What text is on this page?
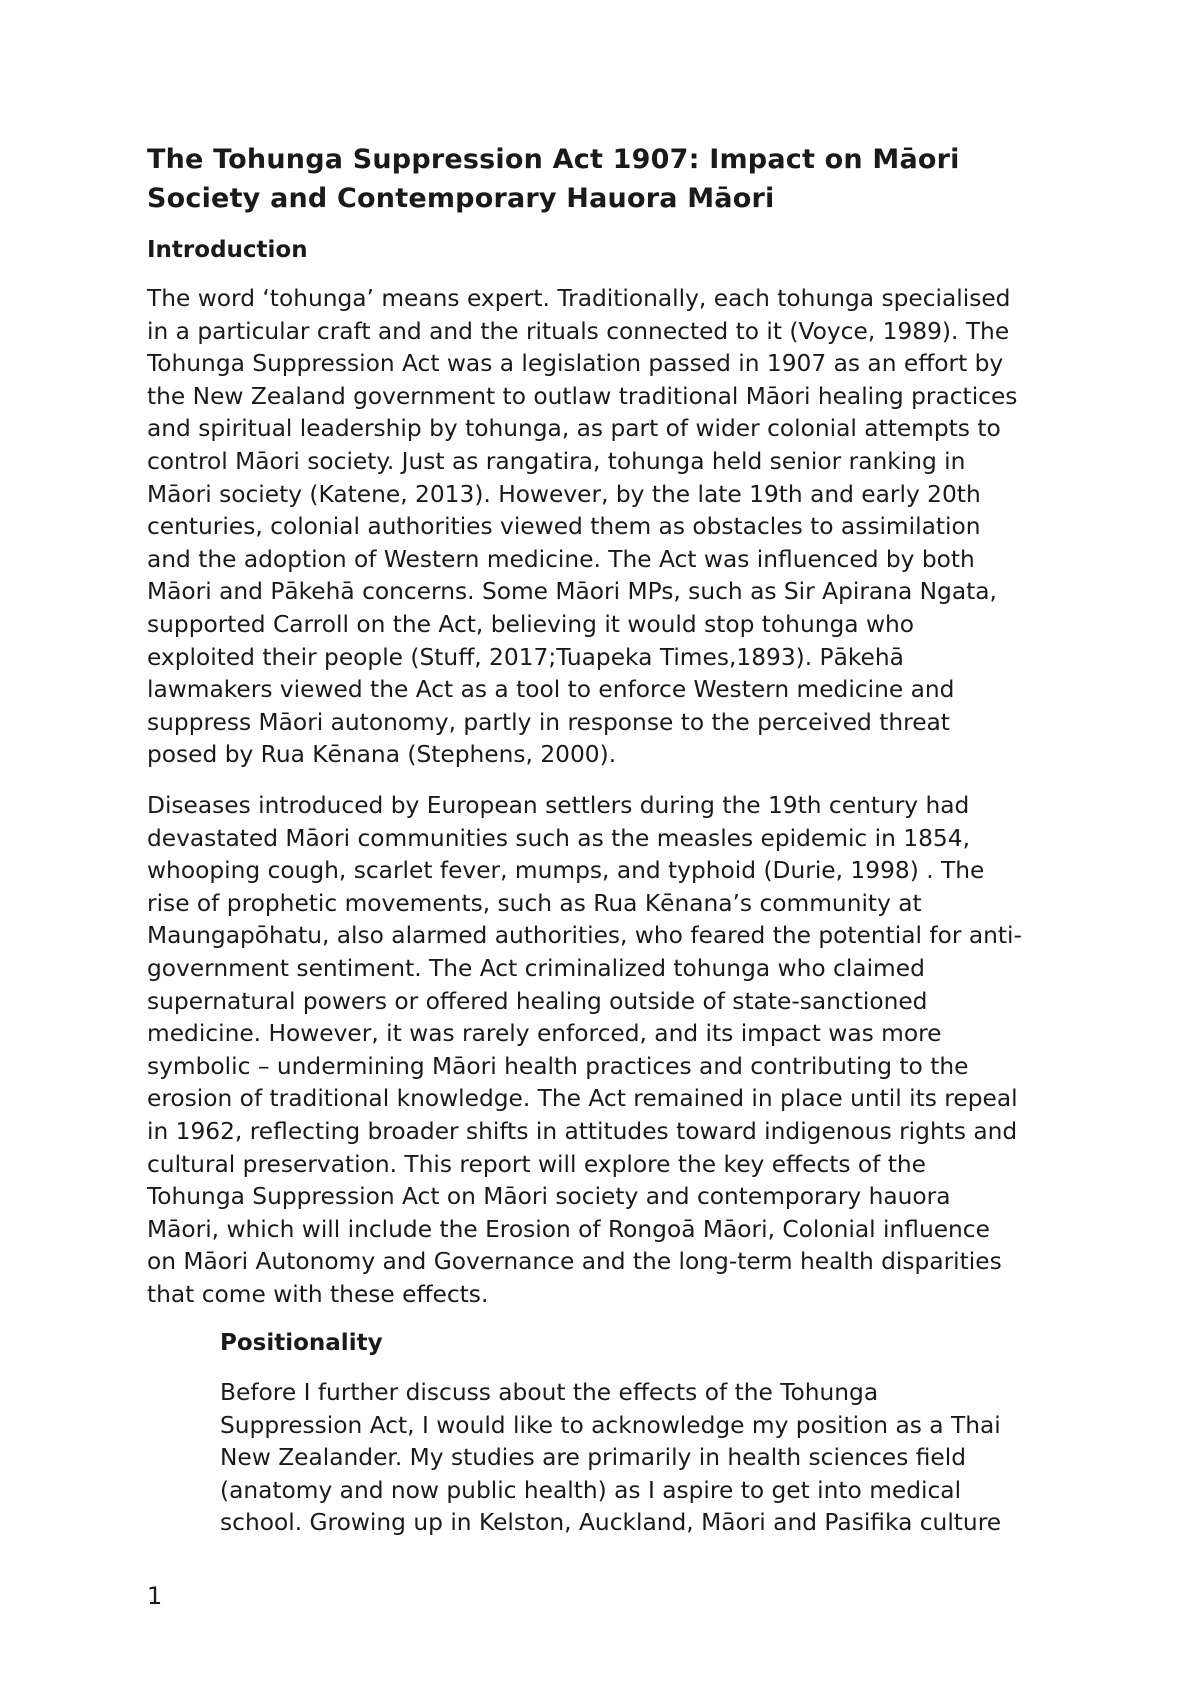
The Tohunga Suppression Act 1907: Impact on Māori
Society and Contemporary Hauora Māori
Introduction
The word ‘tohunga’ means expert. Traditionally, each tohunga specialised
in a particular craft and and the rituals connected to it (Voyce, 1989). The
Tohunga Suppression Act was a legislation passed in 1907 as an effort by
the New Zealand government to outlaw traditional Māori healing practices
and spiritual leadership by tohunga, as part of wider colonial attempts to
control Māori society. Just as rangatira, tohunga held senior ranking in
Māori society (Katene, 2013). However, by the late 19th and early 20th
centuries, colonial authorities viewed them as obstacles to assimilation
and the adoption of Western medicine. The Act was influenced by both
Māori and Pākehā concerns. Some Māori MPs, such as Sir Apirana Ngata,
supported Carroll on the Act, believing it would stop tohunga who
exploited their people (Stuff, 2017;Tuapeka Times,1893). Pākehā
lawmakers viewed the Act as a tool to enforce Western medicine and
suppress Māori autonomy, partly in response to the perceived threat
posed by Rua Kēnana (Stephens, 2000).
Diseases introduced by European settlers during the 19th century had
devastated Māori communities such as the measles epidemic in 1854,
whooping cough, scarlet fever, mumps, and typhoid (Durie, 1998) . The
rise of prophetic movements, such as Rua Kēnana’s community at
Maungapōhatu, also alarmed authorities, who feared the potential for anti-
government sentiment. The Act criminalized tohunga who claimed
supernatural powers or offered healing outside of state-sanctioned
medicine. However, it was rarely enforced, and its impact was more
symbolic – undermining Māori health practices and contributing to the
erosion of traditional knowledge. The Act remained in place until its repeal
in 1962, reflecting broader shifts in attitudes toward indigenous rights and
cultural preservation. This report will explore the key effects of the
Tohunga Suppression Act on Māori society and contemporary hauora
Māori, which will include the Erosion of Rongoā Māori, Colonial influence
on Māori Autonomy and Governance and the long-term health disparities
that come with these effects.
Positionality
Before I further discuss about the effects of the Tohunga
Suppression Act, I would like to acknowledge my position as a Thai
New Zealander. My studies are primarily in health sciences field
(anatomy and now public health) as I aspire to get into medical
school. Growing up in Kelston, Auckland, Māori and Pasifika culture
1
